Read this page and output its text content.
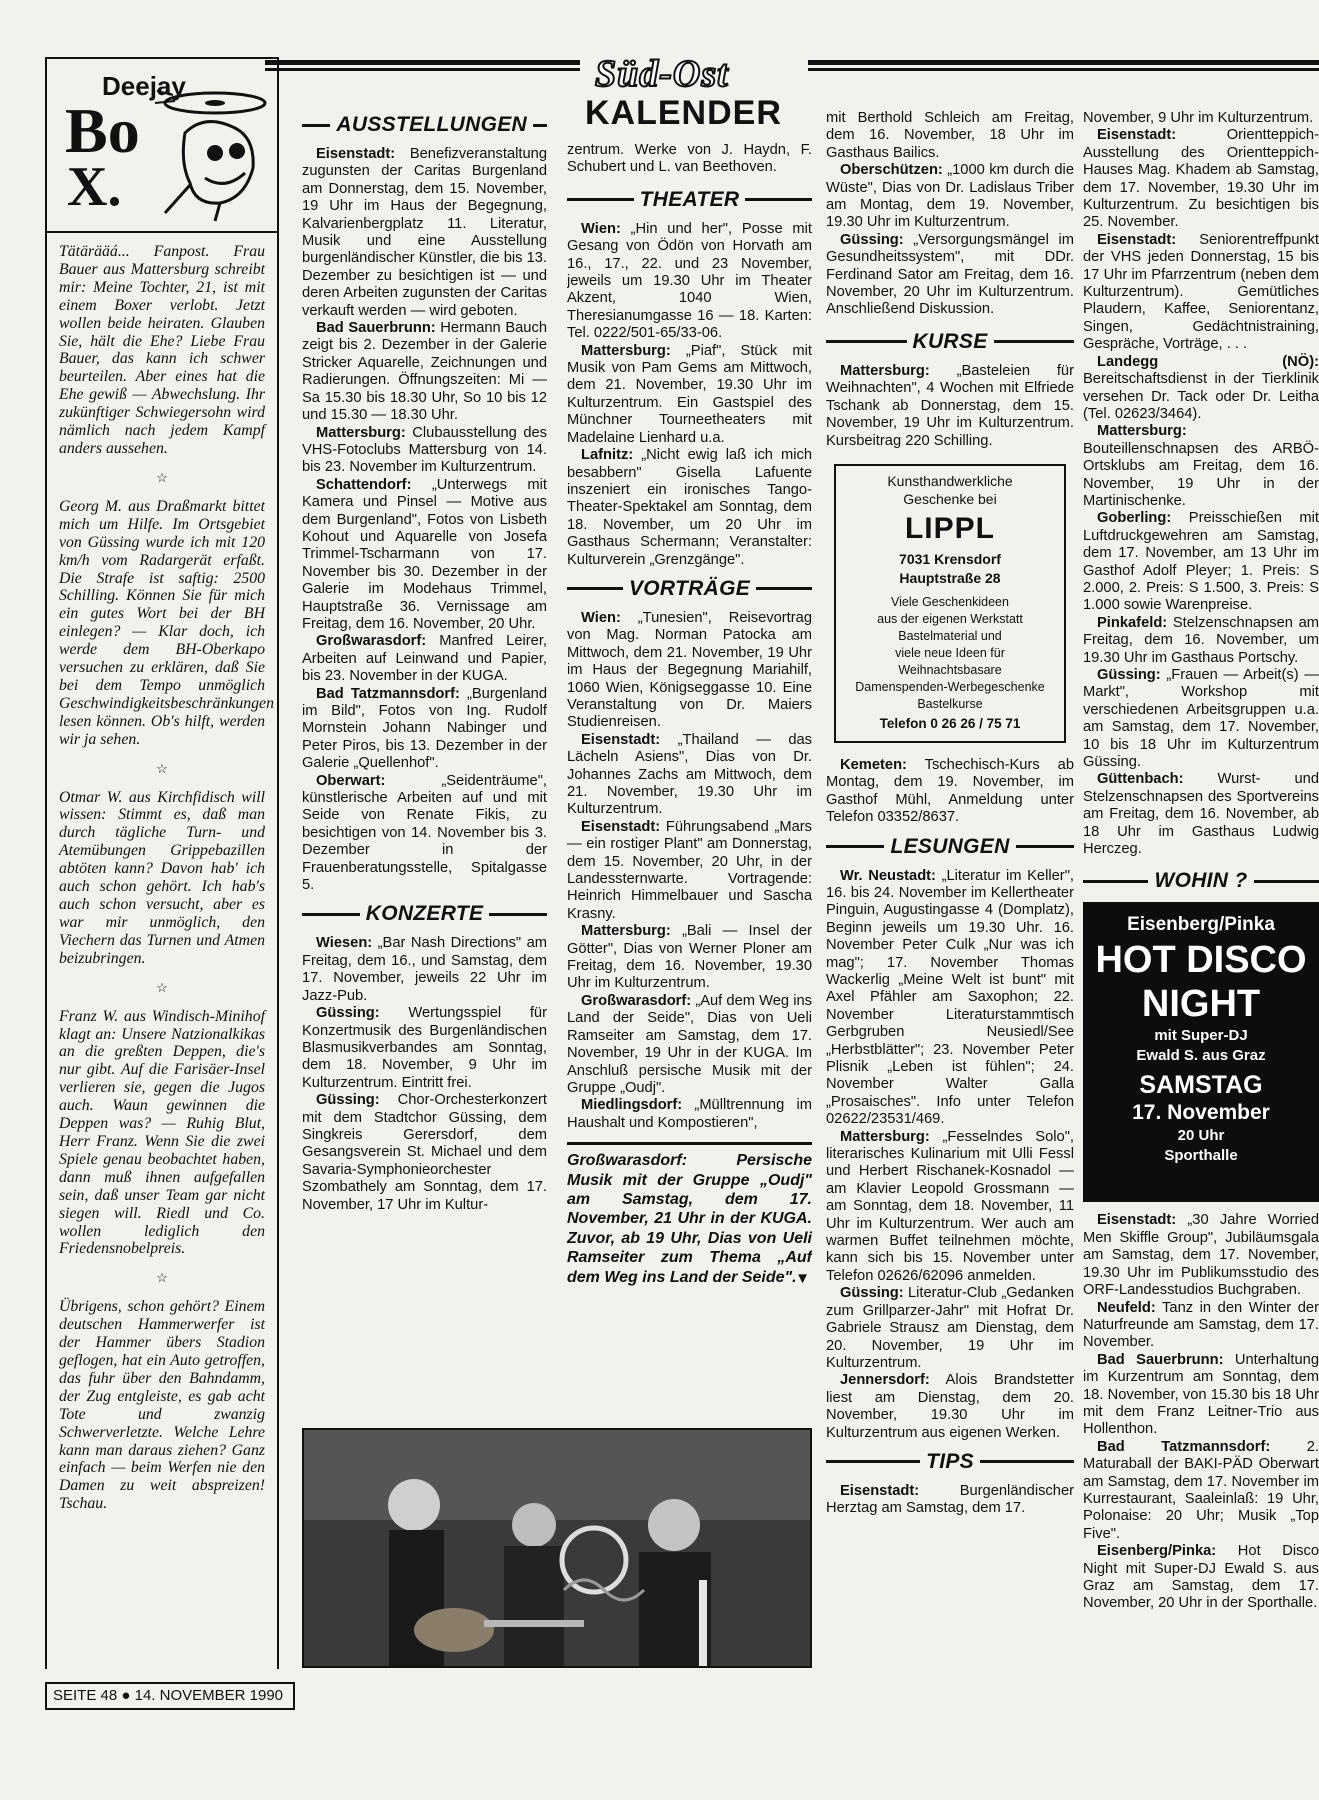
Süd-Ost
KALENDER
Deejay
Bo
X.

Tätärääá... Fanpost. Frau Bauer aus Mattersburg schreibt mir: Meine Tochter, 21, ist mit einem Boxer verlobt. Jetzt wollen beide heiraten. Glauben Sie, hält die Ehe? Liebe Frau Bauer, das kann ich schwer beurteilen. Aber eines hat die Ehe gewiß — Abwechslung. Ihr zukünftiger Schwiegersohn wird nämlich nach jedem Kampf anders aussehen.

☆

Georg M. aus Draßmarkt bittet mich um Hilfe. Im Ortsgebiet von Güssing wurde ich mit 120 km/h vom Radargerät erfaßt. Die Strafe ist saftig: 2500 Schilling. Können Sie für mich ein gutes Wort bei der BH einlegen? — Klar doch, ich werde dem BH-Oberkapo versuchen zu erklären, daß Sie bei dem Tempo unmöglich Geschwindigkeitsbeschränkungen lesen können. Ob's hilft, werden wir ja sehen.

☆

Otmar W. aus Kirchfidisch will wissen: Stimmt es, daß man durch tägliche Turn- und Atemübungen Grippebazillen abtöten kann? Davon hab' ich auch schon gehört. Ich hab's auch schon versucht, aber es war mir unmöglich, den Viechern das Turnen und Atmen beizubringen.

☆

Franz W. aus Windisch-Minihof klagt an: Unsere Natzionalkikas an die greßten Deppen, die's nur gibt. Auf die Farisäer-Insel verlieren sie, gegen die Jugos auch. Waun gewinnen die Deppen was? — Ruhig Blut, Herr Franz. Wenn Sie die zwei Spiele genau beobachtet haben, dann muß ihnen aufgefallen sein, daß unser Team gar nicht siegen will. Riedl und Co. wollen lediglich den Friedensnobelpreis.

☆

Übrigens, schon gehört? Einem deutschen Hammerwerfer ist der Hammer übers Stadion geflogen, hat ein Auto getroffen, das fuhr über den Bahndamm, der Zug entgleiste, es gab acht Tote und zwanzig Schwerverletzte. Welche Lehre kann man daraus ziehen? Ganz einfach — beim Werfen nie den Damen zu weit abspreizen! Tschau.

SEITE 48 ● 14. NOVEMBER 1990
AUSSTELLUNGEN

Eisenstadt: Benefizveranstaltung zugunsten der Caritas Burgenland am Donnerstag, dem 15. November, 19 Uhr im Haus der Begegnung, Kalvarienbergplatz 11. Literatur, Musik und eine Ausstellung burgenländischer Künstler, die bis 13. Dezember zu besichtigen ist — und deren Arbeiten zugunsten der Caritas verkauft werden — wird geboten.

Bad Sauerbrunn: Hermann Bauch zeigt bis 2. Dezember in der Galerie Stricker Aquarelle, Zeichnungen und Radierungen. Öffnungszeiten: Mi — Sa 15.30 bis 18.30 Uhr, So 10 bis 12 und 15.30 — 18.30 Uhr.

Mattersburg: Clubausstellung des VHS-Fotoclubs Mattersburg von 14. bis 23. November im Kulturzentrum.

Schattendorf: „Unterwegs mit Kamera und Pinsel — Motive aus dem Burgenland", Fotos von Lisbeth Kohout und Aquarelle von Josefa Trimmel-Tscharmann von 17. November bis 30. Dezember in der Galerie im Modehaus Trimmel, Hauptstraße 36. Vernissage am Freitag, dem 16. November, 20 Uhr.

Großwarasdorf: Manfred Leirer, Arbeiten auf Leinwand und Papier, bis 23. November in der KUGA.

Bad Tatzmannsdorf: „Burgenland im Bild", Fotos von Ing. Rudolf Mornstein Johann Nabinger und Peter Piros, bis 13. Dezember in der Galerie „Quellenhof".

Oberwart: „Seidenträume", künstlerische Arbeiten auf und mit Seide von Renate Fikis, zu besichtigen von 14. November bis 3. Dezember in der Frauenberatungsstelle, Spitalgasse 5.

KONZERTE

Wiesen: „Bar Nash Directions" am Freitag, dem 16., und Samstag, dem 17. November, jeweils 22 Uhr im Jazz-Pub.

Güssing: Wertungsspiel für Konzertmusik des Burgenländischen Blasmusikverbandes am Sonntag, dem 18. November, 9 Uhr im Kulturzentrum. Eintritt frei.

Güssing: Chor-Orchesterkonzert mit dem Stadtchor Güssing, dem Singkreis Gerersdorf, dem Gesangsverein St. Michael und dem Savaria-Symphonieorchester Szombathely am Sonntag, dem 17. November, 17 Uhr im Kultur-

zentrum. Werke von J. Haydn, F. Schubert und L. van Beethoven.

THEATER

Wien: „Hin und her", Posse mit Gesang von Ödön von Horvath am 16., 17., 22. und 23 November, jeweils um 19.30 Uhr im Theater Akzent, 1040 Wien, Theresianumgasse 16 — 18. Karten: Tel. 0222/501-65/33-06.

Mattersburg: „Piaf", Stück mit Musik von Pam Gems am Mittwoch, dem 21. November, 19.30 Uhr im Kulturzentrum. Ein Gastspiel des Münchner Tourneetheaters mit Madelaine Lienhard u.a.

Lafnitz: „Nicht ewig laß ich mich besabbern" Gisella Lafuente inszeniert ein ironisches Tango-Theater-Spektakel am Sonntag, dem 18. November, um 20 Uhr im Gasthaus Schermann; Veranstalter: Kulturverein „Grenzgänge".

VORTRÄGE

Wien: „Tunesien", Reisevortrag von Mag. Norman Patocka am Mittwoch, dem 21. November, 19 Uhr im Haus der Begegnung Mariahilf, 1060 Wien, Königseggasse 10. Eine Veranstaltung von Dr. Maiers Studienreisen.

Eisenstadt: „Thailand — das Lächeln Asiens", Dias von Dr. Johannes Zachs am Mittwoch, dem 21. November, 19.30 Uhr im Kulturzentrum.

Eisenstadt: Führungsabend „Mars — ein rostiger Plant" am Donnerstag, dem 15. November, 20 Uhr, in der Landessternwarte. Vortragende: Heinrich Himmelbauer und Sascha Krasny.

Mattersburg: „Bali — Insel der Götter", Dias von Werner Ploner am Freitag, dem 16. November, 19.30 Uhr im Kulturzentrum.

Großwarasdorf: „Auf dem Weg ins Land der Seide", Dias von Ueli Ramseiter am Samstag, dem 17. November, 19 Uhr in der KUGA. Im Anschluß persische Musik mit der Gruppe „Oudj".

Miedlingsdorf: „Mülltrennung im Haushalt und Kompostieren",

Großwarasdorf: Persische Musik mit der Gruppe „Oudj" am Samstag, dem 17. November, 21 Uhr in der KUGA. Zuvor, ab 19 Uhr, Dias von Ueli Ramseiter zum Thema „Auf dem Weg ins Land der Seide".

▼

mit Berthold Schleich am Freitag, dem 16. November, 18 Uhr im Gasthaus Bailics.

Oberschützen: „1000 km durch die Wüste", Dias von Dr. Ladislaus Triber am Montag, dem 19. November, 19.30 Uhr im Kulturzentrum.

Güssing: „Versorgungsmängel im Gesundheitssystem", mit DDr. Ferdinand Sator am Freitag, dem 16. November, 20 Uhr im Kulturzentrum. Anschließend Diskussion.

KURSE

Mattersburg: „Basteleien für Weihnachten", 4 Wochen mit Elfriede Tschank ab Donnerstag, dem 15. November, 19 Uhr im Kulturzentrum. Kursbeitrag 220 Schilling.

Kunsthandwerkliche
Geschenke bei
LIPPL
7031 Krensdorf
Hauptstraße 28
Viele Geschenkideen
aus der eigenen Werkstatt
Bastelmaterial und
viele neue Ideen für
Weihnachtsbasare
Damenspenden-Werbegeschenke
Bastelkurse
Telefon 0 26 26 / 75 71

Kemeten: Tschechisch-Kurs ab Montag, dem 19. November, im Gasthof Mühl, Anmeldung unter Telefon 03352/8637.

LESUNGEN

Wr. Neustadt: „Literatur im Keller", 16. bis 24. November im Kellertheater Pinguin, Augustingasse 4 (Domplatz), Beginn jeweils um 19.30 Uhr. 16. November Peter Culk „Nur was ich mag"; 17. November Thomas Wackerlig „Meine Welt ist bunt" mit Axel Pfähler am Saxophon; 22. November Literaturstammtisch Gerbgruben Neusiedl/See „Herbstblätter"; 23. November Peter Plisnik „Leben ist fühlen"; 24. November Walter Galla „Prosaisches". Info unter Telefon 02622/23531/469.

Mattersburg: „Fesselndes Solo", literarisches Kulinarium mit Ulli Fessl und Herbert Rischanek-Kosnadol — am Klavier Leopold Grossmann — am Sonntag, dem 18. November, 11 Uhr im Kulturzentrum. Wer auch am warmen Buffet teilnehmen möchte, kann sich bis 15. November unter Telefon 02626/62096 anmelden.

Güssing: Literatur-Club „Gedanken zum Grillparzer-Jahr" mit Hofrat Dr. Gabriele Strausz am Dienstag, dem 20. November, 19 Uhr im Kulturzentrum.

Jennersdorf: Alois Brandstetter liest am Dienstag, dem 20. November, 19.30 Uhr im Kulturzentrum aus eigenen Werken.

TIPS

Eisenstadt: Burgenländischer Herztag am Samstag, dem 17.

November, 9 Uhr im Kulturzentrum.

Eisenstadt: Orientteppich-Ausstellung des Orientteppich-Hauses Mag. Khadem ab Samstag, dem 17. November, 19.30 Uhr im Kulturzentrum. Zu besichtigen bis 25. November.

Eisenstadt: Seniorentreffpunkt der VHS jeden Donnerstag, 15 bis 17 Uhr im Pfarrzentrum (neben dem Kulturzentrum). Gemütliches Plaudern, Kaffee, Seniorentanz, Singen, Gedächtnistraining, Gespräche, Vorträge, . . .

Landegg (NÖ): Bereitschaftsdienst in der Tierklinik versehen Dr. Tack oder Dr. Leitha (Tel. 02623/3464).

Mattersburg: Bouteillenschnapsen des ARBÖ-Ortsklubs am Freitag, dem 16. November, 19 Uhr in der Martinischenke.

Goberling: Preisschießen mit Luftdruckgewehren am Samstag, dem 17. November, am 13 Uhr im Gasthof Adolf Pleyer; 1. Preis: S 2.000, 2. Preis: S 1.500, 3. Preis: S 1.000 sowie Warenpreise.

Pinkafeld: Stelzenschnapsen am Freitag, dem 16. November, um 19.30 Uhr im Gasthaus Portschy.

Güssing: „Frauen — Arbeit(s) — Markt", Workshop mit verschiedenen Arbeitsgruppen u.a. am Samstag, dem 17. November, 10 bis 18 Uhr im Kulturzentrum Güssing.

Güttenbach: Wurst- und Stelzenschnapsen des Sportvereins am Freitag, dem 16. November, ab 18 Uhr im Gasthaus Ludwig Herczeg.

WOHIN ?
Eisenberg/Pinka
HOT DISCO
NIGHT
mit Super-DJ
Ewald S. aus Graz
SAMSTAG
17. November
20 Uhr
Sporthalle

Eisenstadt: „30 Jahre Worried Men Skiffle Group", Jubiläumsgala am Samstag, dem 17. November, 19.30 Uhr im Publikumsstudio des ORF-Landesstudios Buchgraben.

Neufeld: Tanz in den Winter der Naturfreunde am Samstag, dem 17. November.

Bad Sauerbrunn: Unterhaltung im Kurzentrum am Sonntag, dem 18. November, von 15.30 bis 18 Uhr mit dem Franz Leitner-Trio aus Hollenthon.

Bad Tatzmannsdorf: 2. Maturaball der BAKI-PÄD Oberwart am Samstag, dem 17. November im Kurrestaurant, Saaleinlaß: 19 Uhr, Polonaise: 20 Uhr; Musik „Top Five".

Eisenberg/Pinka: Hot Disco Night mit Super-DJ Ewald S. aus Graz am Samstag, dem 17. November, 20 Uhr in der Sporthalle.
